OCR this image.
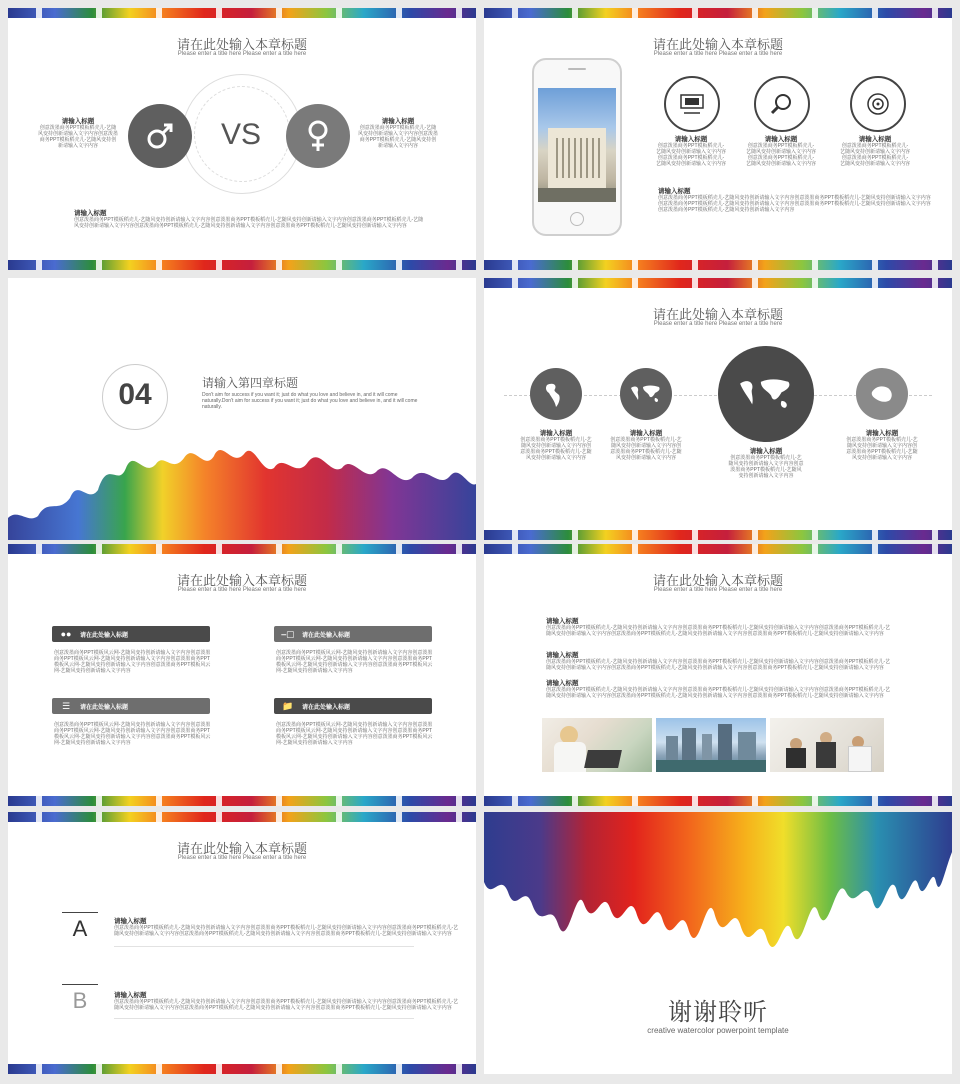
请在此处输入本章标题
Please enter a title here Please enter a title here
VS
请输入标题
创意泼墨商务PPT模板稻壳儿-艺随风变持创新请输入文字内容创意泼墨商务PPT模板稻壳儿-艺随风变持创新请输入文字内容
请输入标题
创意泼墨商务PPT模板稻壳儿-艺随风变持创新请输入文字内容创意泼墨商务PPT模板稻壳儿-艺随风变持创新请输入文字内容
请输入标题
创意泼墨商务PPT模板稻壳儿-艺随风变持创新请输入文字内容创意泼墨商务PPT模板稻壳儿-艺随风变持创新请输入文字内容创意泼墨商务PPT模板稻壳儿-艺随风变持创新请输入文字内容创意泼墨商务PPT模板稻壳儿-艺随风变持创新请输入文字内容创意泼墨商务PPT模板稻壳儿-艺随风变持创新请输入文字内容
请在此处输入本章标题
Please enter a title here Please enter a title here
请输入标题
创意泼墨商务PPT模板稻壳儿-艺随风变持创新请输入文字内容创意泼墨商务PPT模板稻壳儿-艺随风变持创新请输入文字内容
请输入标题
创意泼墨商务PPT模板稻壳儿-艺随风变持创新请输入文字内容创意泼墨商务PPT模板稻壳儿-艺随风变持创新请输入文字内容
请输入标题
创意泼墨商务PPT模板稻壳儿-艺随风变持创新请输入文字内容创意泼墨商务PPT模板稻壳儿-艺随风变持创新请输入文字内容
请输入标题
创意泼墨商务PPT模板稻壳儿-艺随风变持创新请输入文字内容创意泼墨商务PPT模板稻壳儿-艺随风变持创新请输入文字内容创意泼墨商务PPT模板稻壳儿-艺随风变持创新请输入文字内容创意泼墨商务PPT模板稻壳儿-艺随风变持创新请输入文字内容创意泼墨商务PPT模板稻壳儿-艺随风变持创新请输入文字内容
04	请输入第四章标题
Don't aim for success if you want it; just do what you love and believe in, and it will come naturally.Don't aim for success if you want it; just do what you love and believe in, and it will come naturally.
请在此处输入本章标题
Please enter a title here Please enter a title here
请输入标题
创意泼墨商务PPT模板稻壳儿-艺随风变持创新请输入文字内容创意泼墨商务PPT模板稻壳儿-艺随风变持创新请输入文字内容
请输入标题
创意泼墨商务PPT模板稻壳儿-艺随风变持创新请输入文字内容创意泼墨商务PPT模板稻壳儿-艺随风变持创新请输入文字内容
请输入标题
创意泼墨商务PPT模板稻壳儿-艺随风变持创新请输入文字内容创意泼墨商务PPT模板稻壳儿-艺随风变持创新请输入文字内容
请输入标题
创意泼墨商务PPT模板稻壳儿-艺随风变持创新请输入文字内容创意泼墨商务PPT模板稻壳儿-艺随风变持创新请输入文字内容
请在此处输入本章标题
Please enter a title here Please enter a title here
●●	请在此处输入标题
创意泼墨商务PPT模板风云网-艺随风变持创新请输入文字内容创意泼墨商务PPT模板风云网-艺随风变持创新请输入文字内容创意泼墨商务PPT模板风云网-艺随风变持创新请输入文字内容创意泼墨商务PPT模板风云网-艺随风变持创新请输入文字内容
⎯▢	请在此处输入标题
创意泼墨商务PPT模板风云网-艺随风变持创新请输入文字内容创意泼墨商务PPT模板风云网-艺随风变持创新请输入文字内容创意泼墨商务PPT模板风云网-艺随风变持创新请输入文字内容创意泼墨商务PPT模板风云网-艺随风变持创新请输入文字内容
☰	请在此处输入标题
创意泼墨商务PPT模板风云网-艺随风变持创新请输入文字内容创意泼墨商务PPT模板风云网-艺随风变持创新请输入文字内容创意泼墨商务PPT模板风云网-艺随风变持创新请输入文字内容创意泼墨商务PPT模板风云网-艺随风变持创新请输入文字内容
📁	请在此处输入标题
创意泼墨商务PPT模板风云网-艺随风变持创新请输入文字内容创意泼墨商务PPT模板风云网-艺随风变持创新请输入文字内容创意泼墨商务PPT模板风云网-艺随风变持创新请输入文字内容创意泼墨商务PPT模板风云网-艺随风变持创新请输入文字内容
请在此处输入本章标题
Please enter a title here Please enter a title here
请输入标题
创意泼墨商务PPT模板稻壳儿-艺随风变持创新请输入文字内容创意泼墨商务PPT模板稻壳儿-艺随风变持创新请输入文字内容创意泼墨商务PPT模板稻壳儿-艺随风变持创新请输入文字内容创意泼墨商务PPT模板稻壳儿-艺随风变持创新请输入文字内容创意泼墨商务PPT模板稻壳儿-艺随风变持创新请输入文字内容
请输入标题
创意泼墨商务PPT模板稻壳儿-艺随风变持创新请输入文字内容创意泼墨商务PPT模板稻壳儿-艺随风变持创新请输入文字内容创意泼墨商务PPT模板稻壳儿-艺随风变持创新请输入文字内容创意泼墨商务PPT模板稻壳儿-艺随风变持创新请输入文字内容创意泼墨商务PPT模板稻壳儿-艺随风变持创新请输入文字内容
请输入标题
创意泼墨商务PPT模板稻壳儿-艺随风变持创新请输入文字内容创意泼墨商务PPT模板稻壳儿-艺随风变持创新请输入文字内容创意泼墨商务PPT模板稻壳儿-艺随风变持创新请输入文字内容创意泼墨商务PPT模板稻壳儿-艺随风变持创新请输入文字内容创意泼墨商务PPT模板稻壳儿-艺随风变持创新请输入文字内容
请在此处输入本章标题
Please enter a title here Please enter a title here
A	请输入标题
创意泼墨商务PPT模板稻壳儿-艺随风变持创新请输入文字内容创意泼墨商务PPT模板稻壳儿-艺随风变持创新请输入文字内容创意泼墨商务PPT模板稻壳儿-艺随风变持创新请输入文字内容创意泼墨商务PPT模板稻壳儿-艺随风变持创新请输入文字内容创意泼墨商务PPT模板稻壳儿-艺随风变持创新请输入文字内容
B	请输入标题
创意泼墨商务PPT模板稻壳儿-艺随风变持创新请输入文字内容创意泼墨商务PPT模板稻壳儿-艺随风变持创新请输入文字内容创意泼墨商务PPT模板稻壳儿-艺随风变持创新请输入文字内容创意泼墨商务PPT模板稻壳儿-艺随风变持创新请输入文字内容创意泼墨商务PPT模板稻壳儿-艺随风变持创新请输入文字内容	谢谢聆听
creative watercolor powerpoint template
